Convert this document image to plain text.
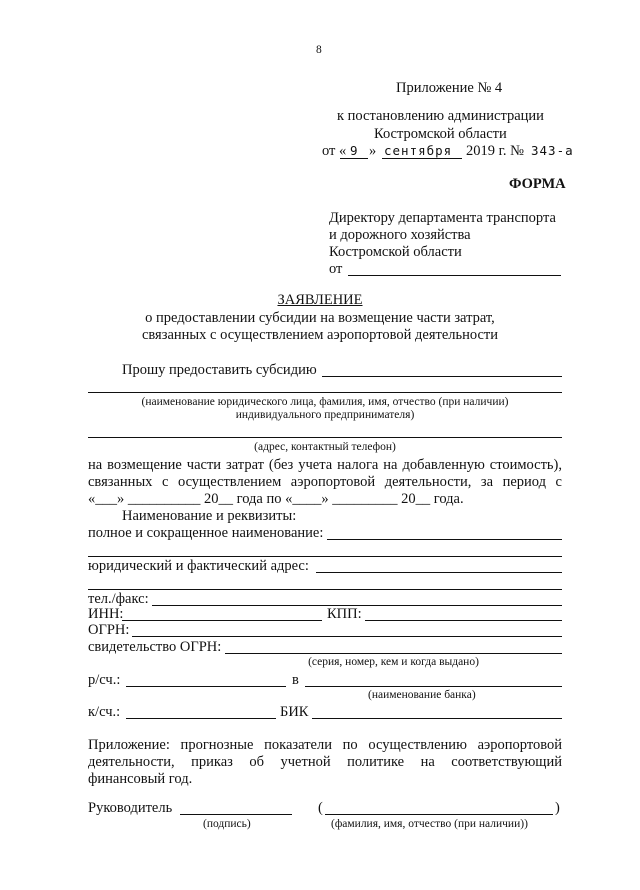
8
Приложение № 4
к постановлению администрации
Костромской области
от « 9 » сентября 2019 г. № 343-а
ФОРМА
Директору департамента транспорта
и дорожного хозяйства
Костромской области
от
ЗАЯВЛЕНИЕ
о предоставлении субсидии на возмещение части затрат,
связанных с осуществлением аэропортовой деятельности
Прошу предоставить субсидию
(наименование юридического лица, фамилия, имя, отчество (при наличии)
индивидуального предпринимателя)
(адрес, контактный телефон)
на возмещение части затрат (без учета налога на добавленную стоимость),
связанных с осуществлением аэропортовой деятельности, за период с
«___» __________ 20__ года по «____» _________ 20__ года.
Наименование и реквизиты:
полное и сокращенное наименование:
юридический и фактический адрес:
тел./факс:
ИНН:	КПП:
ОГРН:
свидетельство ОГРН:
(серия, номер, кем и когда выдано)
р/сч.:	в
(наименование банка)
к/сч.:	БИК
Приложение: прогнозные показатели по осуществлению аэропортовой
деятельности, приказ об учетной политике на соответствующий
финансовый год.
Руководитель	(	)
(подпись)	(фамилия, имя, отчество (при наличии))
